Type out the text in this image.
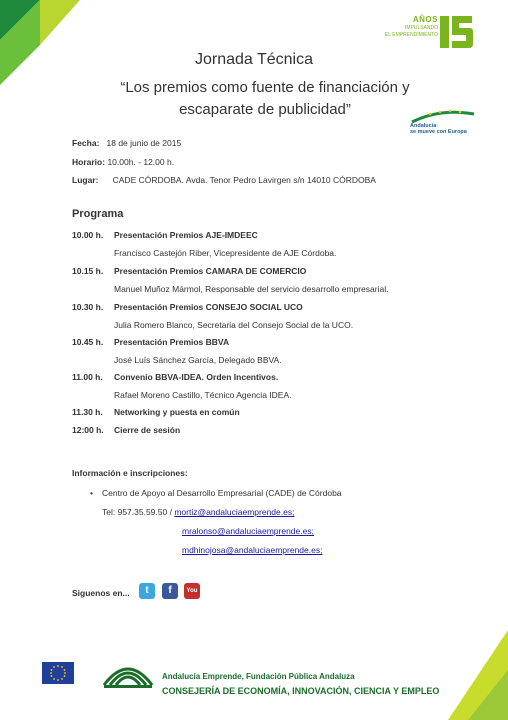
AÑOS
IMPULSANDO
EL EMPRENDIMIENTO
Jornada Técnica
“Los premios como fuente de financiación y escaparate de publicidad”
Andalucía
se mueve con Europa
Fecha: 18 de junio de 2015
Horario: 10.00h. - 12.00 h.
Lugar: CADE CÓRDOBA. Avda. Tenor Pedro Lavirgen s/n 14010 CÓRDOBA
Programa
10.00 h. Presentación Premios AJE-IMDEEC
Francisco Castejón Riber, Vicepresidente de AJE Córdoba.
10.15 h. Presentación Premios CAMARA DE COMERCIO
Manuel Muñoz Mármol, Responsable del servicio desarrollo empresarial.
10.30 h. Presentación Premios CONSEJO SOCIAL UCO
Julia Romero Blanco, Secretaria del Consejo Social de la UCO.
10.45 h. Presentación Premios BBVA
José Luís Sánchez García, Delegado BBVA.
11.00 h. Convenio BBVA-IDEA. Orden Incentivos.
Rafael Moreno Castillo, Técnico Agencia IDEA.
11.30 h. Networking y puesta en común
12:00 h. Cierre de sesión
Información e inscripciones:
• Centro de Apoyo al Desarrollo Empresarial (CADE) de Córdoba
Tel: 957.35.59.50 / mortiz@andaluciaemprende.es;
mralonso@andaluciaemprende.es;
mdhinojosa@andaluciaemprende.es;
Siguenos en...	t	f	You
Andalucía Emprende, Fundación Pública Andaluza
CONSEJERÍA DE ECONOMÍA, INNOVACIÓN, CIENCIA Y EMPLEO
